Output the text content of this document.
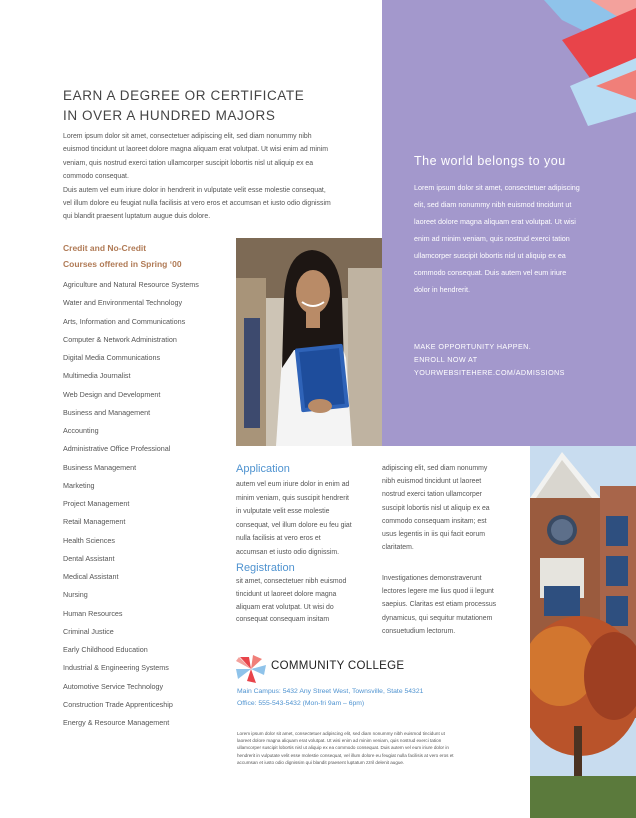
EARN A DEGREE OR CERTIFICATE
IN OVER A HUNDRED MAJORS
Lorem ipsum dolor sit amet, consectetuer adipiscing elit, sed diam nonummy nibh
euismod tincidunt ut laoreet dolore magna aliquam erat volutpat. Ut wisi enim ad minim
veniam, quis nostrud exerci tation ullamcorper suscipit lobortis nisl ut aliquip ex ea
commodo consequat.
Duis autem vel eum iriure dolor in hendrerit in vulputate velit esse molestie consequat,
vel illum dolore eu feugiat nulla facilisis at vero eros et accumsan et iusto odio dignissim
qui blandit praesent luptatum augue duis dolore.
Credit and No-Credit
Courses offered in Spring ‘00
Agriculture and Natural Resource Systems
Water and Environmental Technology
Arts, Information and Communications
Computer & Network Administration
Digital Media Communications
Multimedia Journalist
Web Design and Development
Business and Management
Accounting
Administrative Office Professional
Business Management
Marketing
Project Management
Retail Management
Health Sciences
Dental Assistant
Medical Assistant
Nursing
Human Resources
Criminal Justice
Early Childhood Education
Industrial & Engineering Systems
Automotive Service Technology
Construction Trade Apprenticeship
Energy & Resource Management
The world belongs to you
Lorem ipsum dolor sit amet, consectetuer adipiscing
elit, sed diam nonummy nibh euismod tincidunt ut
laoreet dolore magna aliquam erat volutpat. Ut wisi
enim ad minim veniam, quis nostrud exerci tation
ullamcorper suscipit lobortis nisl ut aliquip ex ea
commodo consequat. Duis autem vel eum iriure
dolor in hendrerit.
MAKE OPPORTUNITY HAPPEN.
ENROLL NOW AT
YOURWEBSITEHERE.COM/ADMISSIONS
Application
autem vel eum iriure dolor in enim ad
minim veniam, quis suscipit hendrerit
in vulputate velit esse molestie
consequat, vel illum dolore eu feu giat
nulla facilisis at vero eros et
accumsan et iusto odio dignissim.
Registration
sit amet, consectetuer nibh euismod
tincidunt ut laoreet dolore magna
aliquam erat volutpat. Ut wisi do
consequat consequam insitam
adipiscing elit, sed diam nonummy
nibh euismod tincidunt ut laoreet
nostrud exerci tation ullamcorper
suscipit lobortis nisl ut aliquip ex ea
commodo consequam insitam; est
usus legentis in iis qui facit eorum
claritatem.
Investigationes demonstraverunt
lectores legere me lius quod ii legunt
saepius. Claritas est etiam processus
dynamicus, qui sequitur mutationem
consuetudium lectorum.
COMMUNITY COLLEGE
Main Campus: 5432 Any Street West, Townsville, State 54321
Office: 555-543-5432 (Mon-fri 9am – 6pm)
Lorem ipsum dolor sit amet, consectetuer adipiscing elit, sed diam nonummy nibh euismod tincidunt ut
laoreet dolore magna aliquam erat volutpat. Ut wisi enim ad minim veniam, quis nostrud exerci tation
ullamcorper suscipit lobortis nisl ut aliquip ex ea commodo consequat. Duis autem vel eum iriure dolor in
hendrerit in vulputate velit esse molestie consequat, vel illum dolore eu feugiat nulla facilisis at vero eros et
accumsan et iusto odio dignissim qui blandit praesent luptatum zzril delenit augue.
